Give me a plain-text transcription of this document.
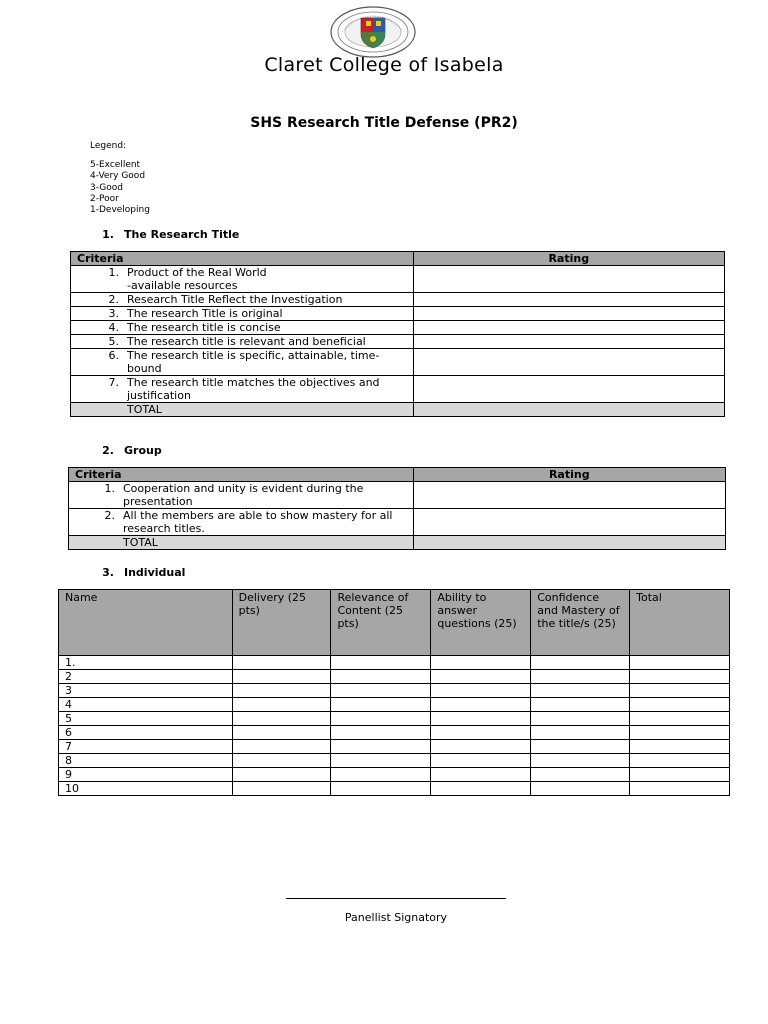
Claret College of Isabela
SHS Research Title Defense (PR2)
Legend:
5-Excellent
4-Very Good
3-Good
2-Poor
1-Developing
1. The Research Title
Criteria	Rating

1. Product of the Real World
-available resources	

2. Research Title Reflect the Investigation	

3. The research Title is original	

4. The research title is concise	

5. The research title is relevant and beneficial	

6. The research title is specific, attainable, time-
bound	

7. The research title matches the objectives and
justification	

TOTAL	

2. Group
Criteria	Rating

1. Cooperation and unity is evident during the
presentation	

2. All the members are able to show mastery for all
research titles.	

TOTAL	

3. Individual
Name	Delivery (25 pts)	Relevance of Content (25 pts)	Ability to answer questions (25)	Confidence and Mastery of the title/s (25)	Total
1.					
2					
3					
4					
5					
6					
7					
8					
9					
10					
Panellist Signatory
